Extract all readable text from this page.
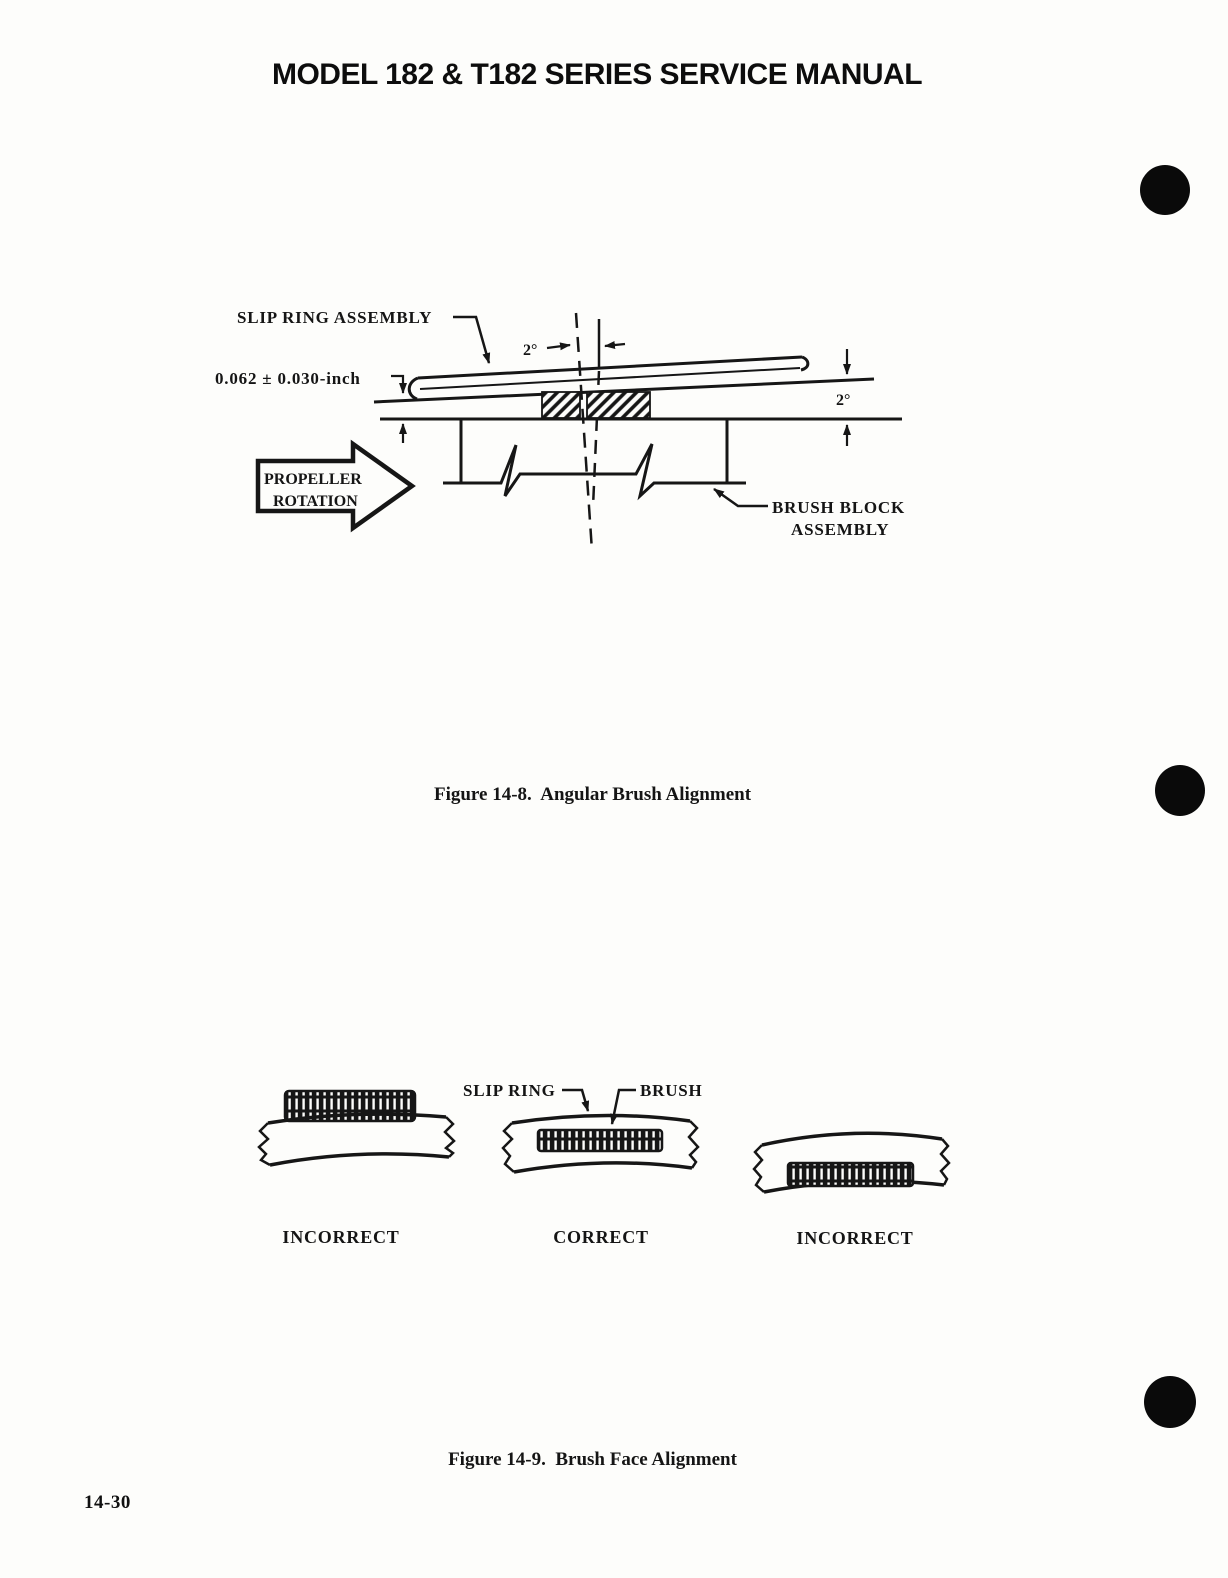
MODEL 182 & T182 SERIES SERVICE MANUAL
SLIP RING ASSEMBLY
2°
0.062 ± 0.030-inch
2°
BRUSH BLOCK
ASSEMBLY
PROPELLER
ROTATION
Figure 14-8.  Angular Brush Alignment
SLIP RING	BRUSH
INCORRECT	CORRECT	INCORRECT
Figure 14-9.  Brush Face Alignment
14-30
